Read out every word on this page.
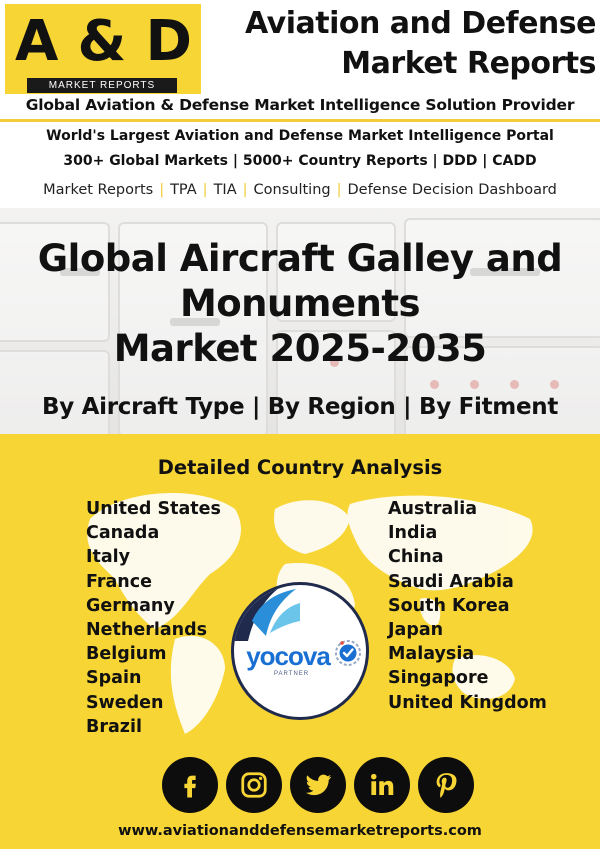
A & D
MARKET REPORTS
Aviation and Defense
Market Reports
Global Aviation & Defense Market Intelligence Solution Provider
World's Largest Aviation and Defense Market Intelligence Portal
300+ Global Markets | 5000+ Country Reports | DDD | CADD
Market Reports | TPA | TIA | Consulting | Defense Decision Dashboard
Global Aircraft Galley and
Monuments
Market 2025-2035
By Aircraft Type | By Region | By Fitment
Detailed Country Analysis
United States
Canada
Italy
France
Germany
Netherlands
Belgium
Spain
Sweden
Brazil
Australia
India
China
Saudi Arabia
South Korea
Japan
Malaysia
Singapore
United Kingdom
yocova
PARTNER
www.aviationanddefensemarketreports.com
